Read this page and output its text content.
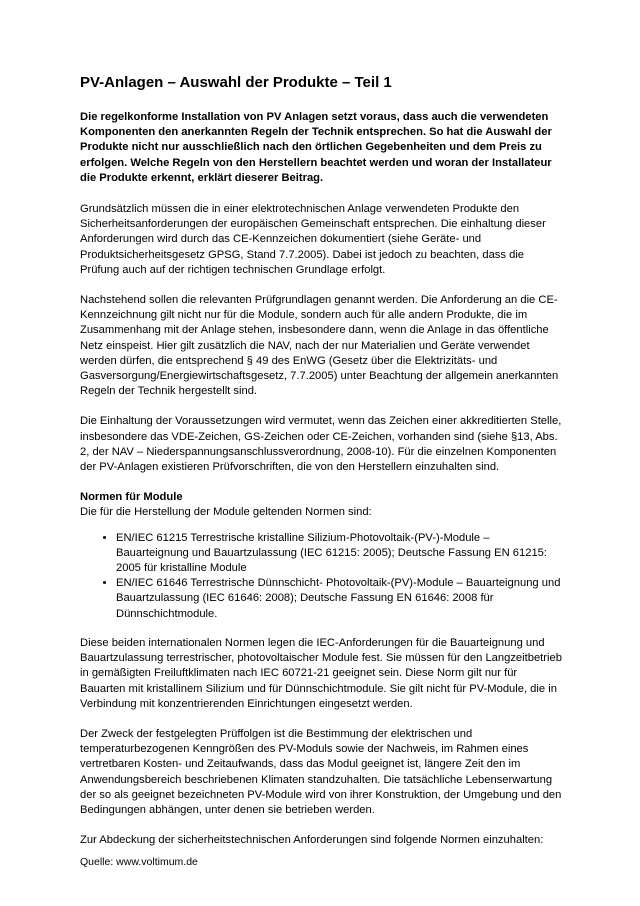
PV-Anlagen – Auswahl der Produkte – Teil 1

Die regelkonforme Installation von PV Anlagen setzt voraus, dass auch die verwendeten Komponenten den anerkannten Regeln der Technik entsprechen. So hat die Auswahl der Produkte nicht nur ausschließlich nach den örtlichen Gegebenheiten und dem Preis zu erfolgen. Welche Regeln von den Herstellern beachtet werden und woran der Installateur die Produkte erkennt, erklärt dieserer Beitrag.

Grundsätzlich müssen die in einer elektrotechnischen Anlage verwendeten Produkte den Sicherheitsanforderungen der europäischen Gemeinschaft entsprechen. Die einhaltung dieser Anforderungen wird durch das CE-Kennzeichen dokumentiert (siehe Geräte- und Produktsicherheitsgesetz GPSG, Stand 7.7.2005). Dabei ist jedoch zu beachten, dass die Prüfung auch auf der richtigen technischen Grundlage erfolgt.

Nachstehend sollen die relevanten Prüfgrundlagen genannt werden. Die Anforderung an die CE-Kennzeichnung gilt nicht nur für die Module, sondern auch für alle andern Produkte, die im Zusammenhang mit der Anlage stehen, insbesondere dann, wenn die Anlage in das öffentliche Netz einspeist. Hier gilt zusätzlich die NAV, nach der nur Materialien und Geräte verwendet werden dürfen, die entsprechend § 49 des EnWG (Gesetz über die Elektrizitäts- und Gasversorgung/Energiewirtschaftsgesetz, 7.7.2005) unter Beachtung der allgemein anerkannten Regeln der Technik hergestellt sind.

Die Einhaltung der Voraussetzungen wird vermutet, wenn das Zeichen einer akkreditierten Stelle, insbesondere das VDE-Zeichen, GS-Zeichen oder CE-Zeichen, vorhanden sind (siehe §13, Abs. 2, der NAV – Niederspannungsanschlussverordnung, 2008-10). Für die einzelnen Komponenten der PV-Anlagen existieren Prüfvorschriften, die von den Herstellern einzuhalten sind.

Normen für Module

Die für die Herstellung der Module geltenden Normen sind:

• EN/IEC 61215 Terrestrische kristalline Silizium-Photovoltaik-(PV-)-Module – Bauarteignung und Bauartzulassung (IEC 61215: 2005); Deutsche Fassung EN 61215: 2005 für kristalline Module
• EN/IEC 61646 Terrestrische Dünnschicht- Photovoltaik-(PV)-Module – Bauarteignung und Bauartzulassung (IEC 61646: 2008); Deutsche Fassung EN 61646: 2008 für Dünnschichtmodule.

Diese beiden internationalen Normen legen die IEC-Anforderungen für die Bauarteignung und Bauartzulassung terrestrischer, photovoltaischer Module fest. Sie müssen für den Langzeitbetrieb in gemäßigten Freiluftklimaten nach IEC 60721-21 geeignet sein. Diese Norm gilt nur für Bauarten mit kristallinem Silizium und für Dünnschichtmodule. Sie gilt nicht für PV-Module, die in Verbindung mit konzentrierenden Einrichtungen eingesetzt werden.

Der Zweck der festgelegten Prüffolgen ist die Bestimmung der elektrischen und temperaturbezogenen Kenngrößen des PV-Moduls sowie der Nachweis, im Rahmen eines vertretbaren Kosten- und Zeitaufwands, dass das Modul geeignet ist, längere Zeit den im Anwendungsbereich beschriebenen Klimaten standzuhalten. Die tatsächliche Lebenserwartung der so als geeignet bezeichneten PV-Module wird von ihrer Konstruktion, der Umgebung und den Bedingungen abhängen, unter denen sie betrieben werden.

Zur Abdeckung der sicherheitstechnischen Anforderungen sind folgende Normen einzuhalten:

Quelle: www.voltimum.de
